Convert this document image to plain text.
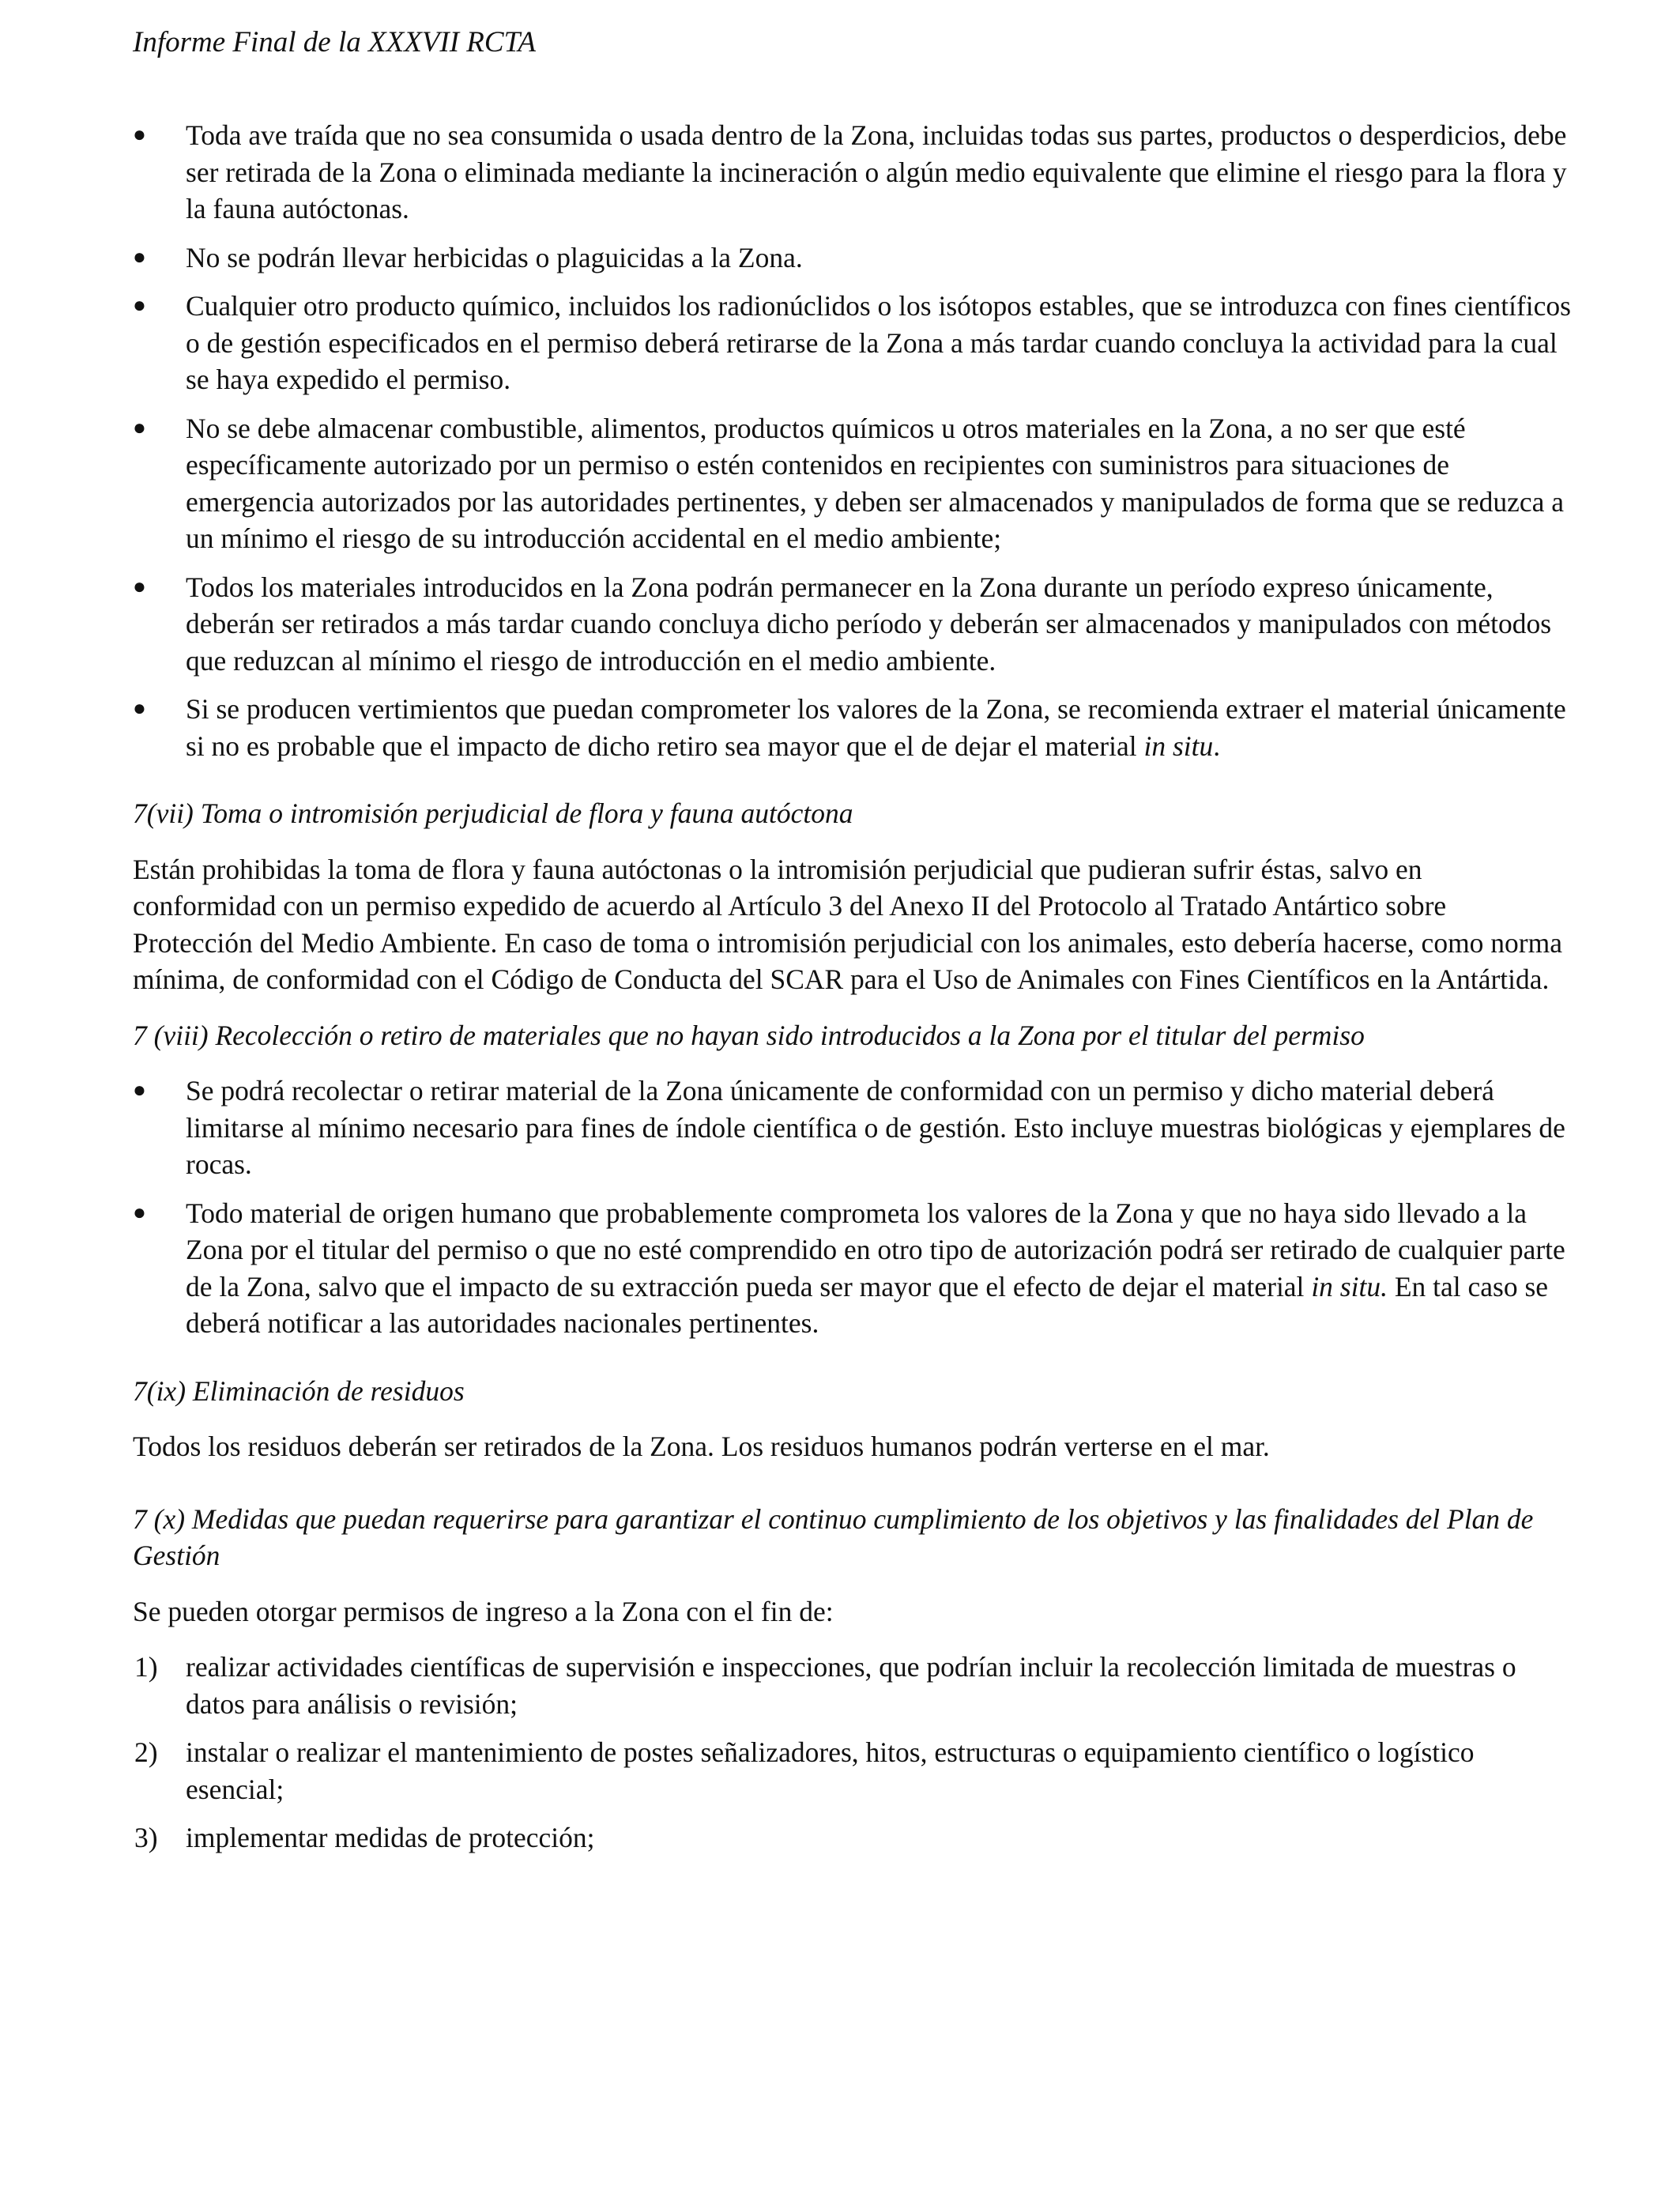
Informe Final de la XXXVII RCTA
● Toda ave traída que no sea consumida o usada dentro de la Zona, incluidas todas sus partes, productos o desperdicios, debe ser retirada de la Zona o eliminada mediante la incineración o algún medio equivalente que elimine el riesgo para la flora y la fauna autóctonas.
● No se podrán llevar herbicidas o plaguicidas a la Zona.
● Cualquier otro producto químico, incluidos los radionúclidos o los isótopos estables, que se introduzca con fines científicos o de gestión especificados en el permiso deberá retirarse de la Zona a más tardar cuando concluya la actividad para la cual se haya expedido el permiso.
● No se debe almacenar combustible, alimentos, productos químicos u otros materiales en la Zona, a no ser que esté específicamente autorizado por un permiso o estén contenidos en recipientes con suministros para situaciones de emergencia autorizados por las autoridades pertinentes, y deben ser almacenados y manipulados de forma que se reduzca a un mínimo el riesgo de su introducción accidental en el medio ambiente;
● Todos los materiales introducidos en la Zona podrán permanecer en la Zona durante un período expreso únicamente, deberán ser retirados a más tardar cuando concluya dicho período y deberán ser almacenados y manipulados con métodos que reduzcan al mínimo el riesgo de introducción en el medio ambiente.
● Si se producen vertimientos que puedan comprometer los valores de la Zona, se recomienda extraer el material únicamente si no es probable que el impacto de dicho retiro sea mayor que el de dejar el material in situ.

7(vii) Toma o intromisión perjudicial de flora y fauna autóctona

Están prohibidas la toma de flora y fauna autóctonas o la intromisión perjudicial que pudieran sufrir éstas, salvo en conformidad con un permiso expedido de acuerdo al Artículo 3 del Anexo II del Protocolo al Tratado Antártico sobre Protección del Medio Ambiente. En caso de toma o intromisión perjudicial con los animales, esto debería hacerse, como norma mínima, de conformidad con el Código de Conducta del SCAR para el Uso de Animales con Fines Científicos en la Antártida.

7 (viii) Recolección o retiro de materiales que no hayan sido introducidos a la Zona por el titular del permiso

● Se podrá recolectar o retirar material de la Zona únicamente de conformidad con un permiso y dicho material deberá limitarse al mínimo necesario para fines de índole científica o de gestión. Esto incluye muestras biológicas y ejemplares de rocas.
● Todo material de origen humano que probablemente comprometa los valores de la Zona y que no haya sido llevado a la Zona por el titular del permiso o que no esté comprendido en otro tipo de autorización podrá ser retirado de cualquier parte de la Zona, salvo que el impacto de su extracción pueda ser mayor que el efecto de dejar el material in situ. En tal caso se deberá notificar a las autoridades nacionales pertinentes.

7(ix) Eliminación de residuos

Todos los residuos deberán ser retirados de la Zona. Los residuos humanos podrán verterse en el mar.

7 (x) Medidas que puedan requerirse para garantizar el continuo cumplimiento de los objetivos y las finalidades del Plan de Gestión

Se pueden otorgar permisos de ingreso a la Zona con el fin de:

1) realizar actividades científicas de supervisión e inspecciones, que podrían incluir la recolección limitada de muestras o datos para análisis o revisión;
2) instalar o realizar el mantenimiento de postes señalizadores, hitos, estructuras o equipamiento científico o logístico esencial;
3) implementar medidas de protección;
